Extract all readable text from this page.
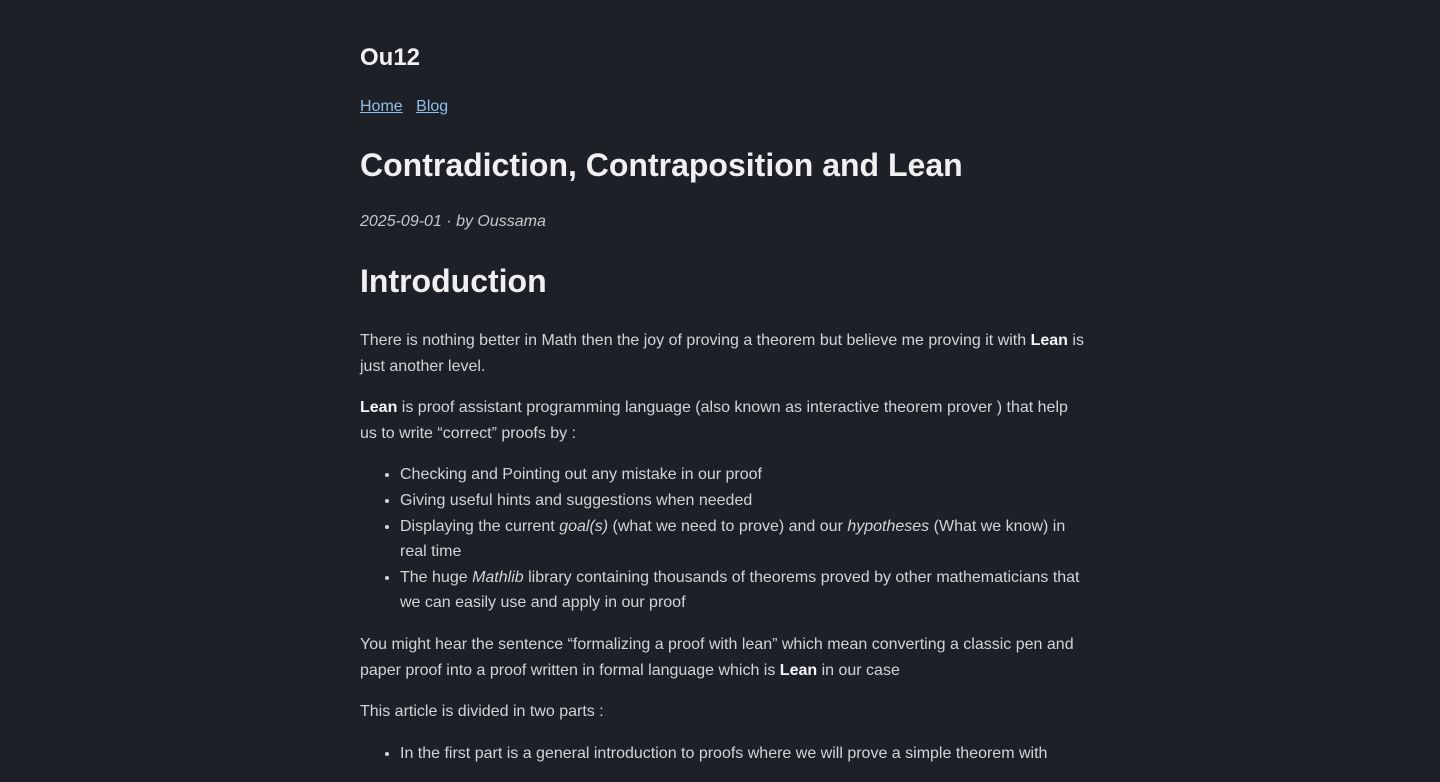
Ou12
Home Blog
Contradiction, Contraposition and Lean
2025-09-01 · by Oussama
Introduction

There is nothing better in Math then the joy of proving a theorem but believe me proving it with Lean is just another level.

Lean is proof assistant programming language (also known as interactive theorem prover ) that help us to write “correct” proofs by :

• Checking and Pointing out any mistake in our proof
• Giving useful hints and suggestions when needed
• Displaying the current goal(s) (what we need to prove) and our hypotheses (What we know) in real time
• The huge Mathlib library containing thousands of theorems proved by other mathematicians that we can easily use and apply in our proof

You might hear the sentence “formalizing a proof with lean” which mean converting a classic pen and paper proof into a proof written in formal language which is Lean in our case

This article is divided in two parts :

• In the first part is a general introduction to proofs where we will prove a simple theorem with
